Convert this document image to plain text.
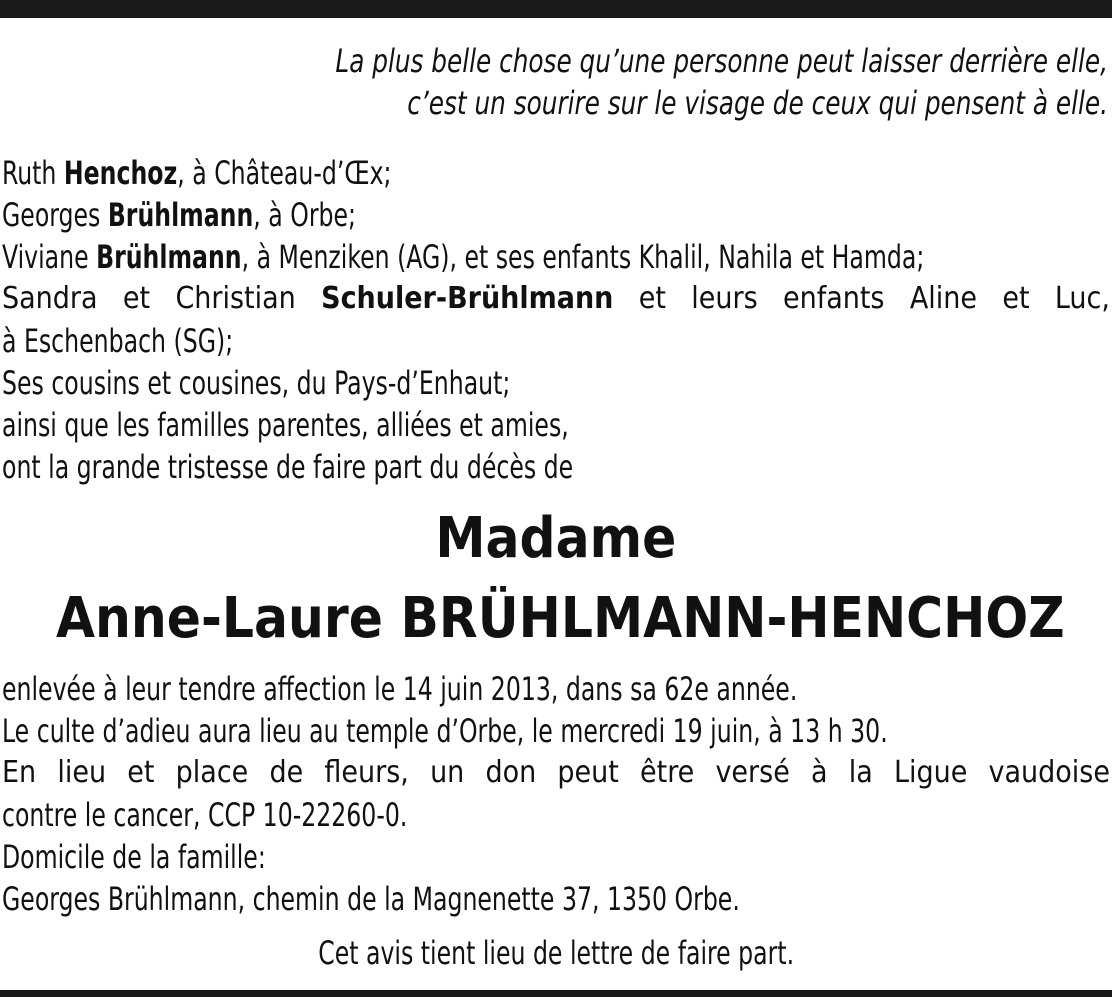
La plus belle chose qu’une personne peut laisser derrière elle,
c’est un sourire sur le visage de ceux qui pensent à elle.
Ruth Henchoz, à Château-d’Œx;
Georges Brühlmann, à Orbe;
Viviane Brühlmann, à Menziken (AG), et ses enfants Khalil, Nahila et Hamda;
Sandra et Christian Schuler-Brühlmann et leurs enfants Aline et Luc,
à Eschenbach (SG);
Ses cousins et cousines, du Pays-d’Enhaut;
ainsi que les familles parentes, alliées et amies,
ont la grande tristesse de faire part du décès de
Madame
Anne-Laure BRÜHLMANN-HENCHOZ
enlevée à leur tendre affection le 14 juin 2013, dans sa 62e année.
Le culte d’adieu aura lieu au temple d’Orbe, le mercredi 19 juin, à 13 h 30.
En lieu et place de fleurs, un don peut être versé à la Ligue vaudoise
contre le cancer, CCP 10-22260-0.
Domicile de la famille:
Georges Brühlmann, chemin de la Magnenette 37, 1350 Orbe.
Cet avis tient lieu de lettre de faire part.
